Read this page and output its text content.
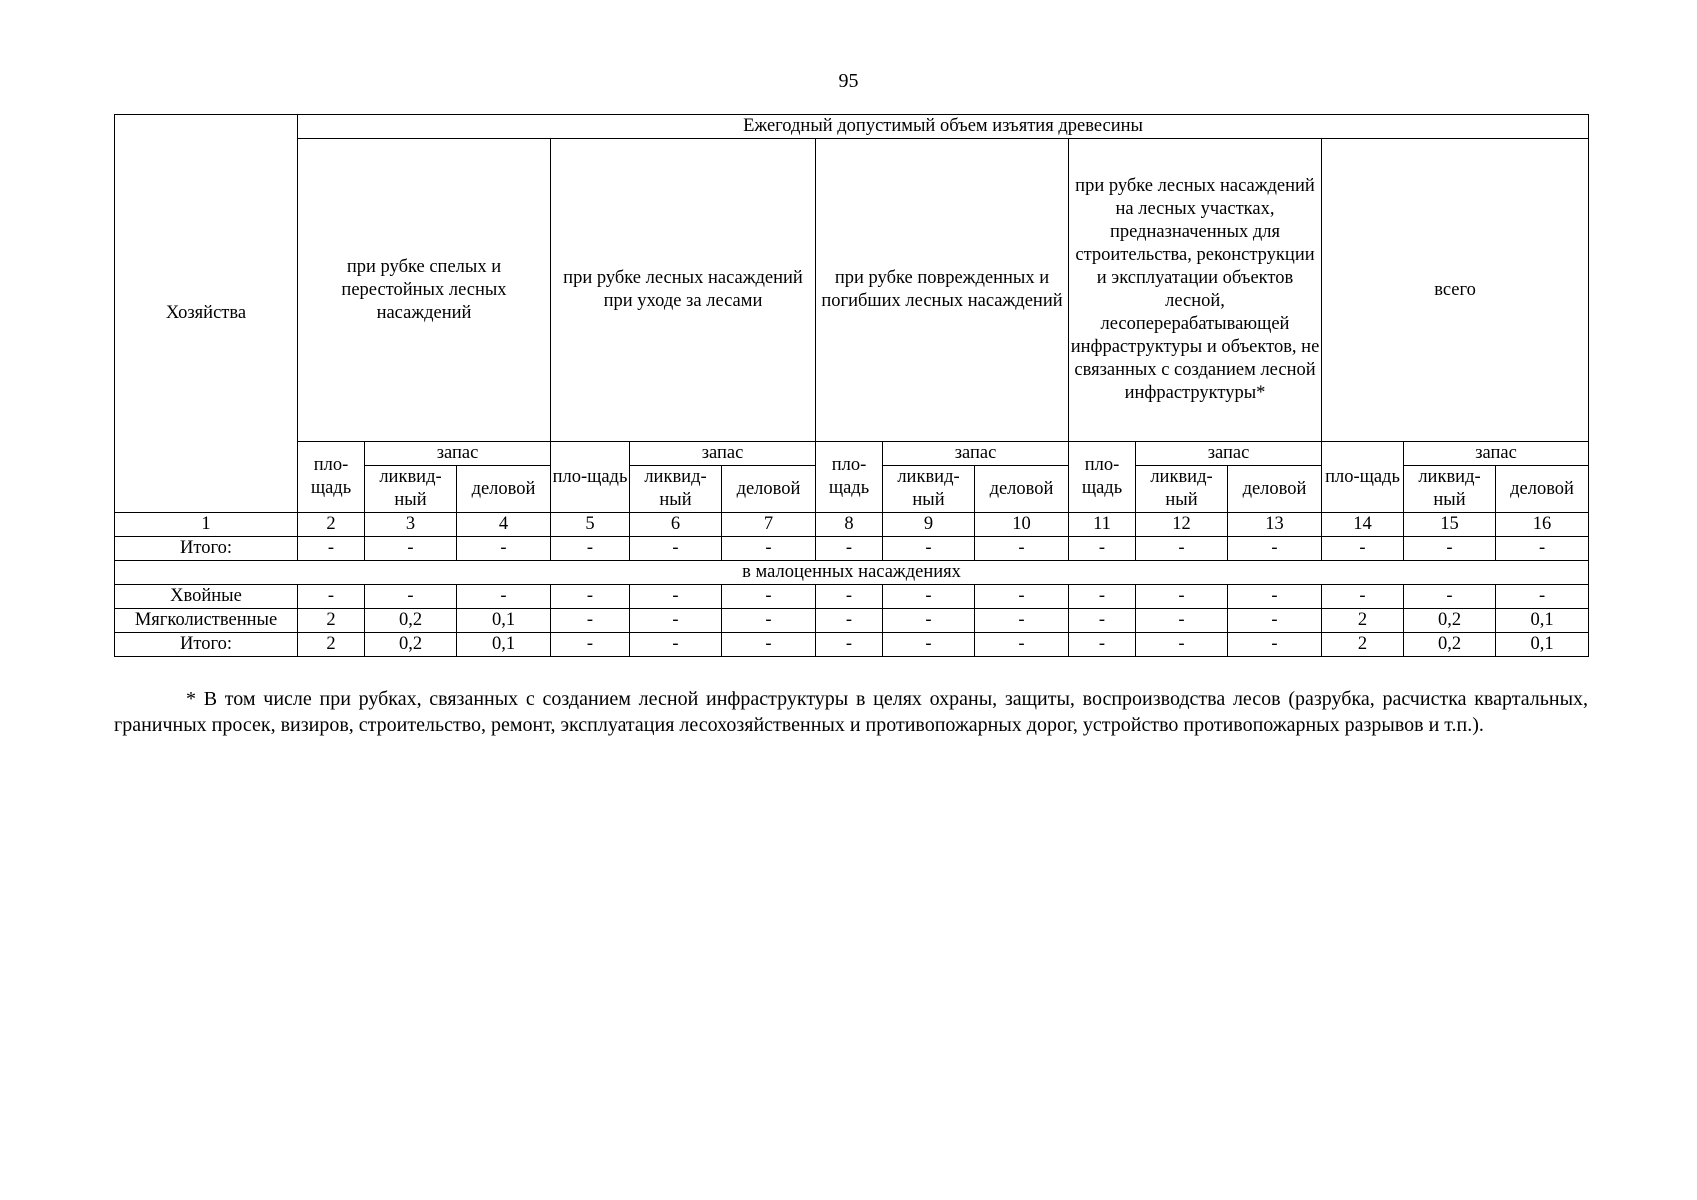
95
Хозяйства	Ежегодный допустимый объем изъятия древесины														
	при рубке спелых и перестойных лесных насаждений			при рубке лесных насаждений при уходе за лесами			при рубке поврежденных и погибших лесных насаждений			при рубке лесных насаждений на лесных участках, предназначенных для строительства, реконструкции и эксплуатации объектов лесной, лесоперерабатывающей инфраструктуры и объектов, не связанных с созданием лесной инфраструктуры*			всего		
	пло-щадь	запас		пло-щадь	запас		пло-щадь	запас		пло-щадь	запас		пло-щадь	запас	
		ликвид-ный	деловой		ликвид-ный	деловой		ликвид-ный	деловой		ликвид-ный	деловой		ликвид-ный	деловой
1	2	3	4	5	6	7	8	9	10	11	12	13	14	15	16
Итого:	-	-	-	-	-	-	-	-	-	-	-	-	-	-	-
в малоценных насаждениях															
Хвойные	-	-	-	-	-	-	-	-	-	-	-	-	-	-	-
Мягколиственные	2	0,2	0,1	-	-	-	-	-	-	-	-	-	2	0,2	0,1
Итого:	2	0,2	0,1	-	-	-	-	-	-	-	-	-	2	0,2	0,1
* В том числе при рубках, связанных с созданием лесной инфраструктуры в целях охраны, защиты, воспроизводства лесов (разрубка, расчистка квартальных, граничных просек, визиров, строительство, ремонт, эксплуатация лесохозяйственных и противопожарных дорог, устройство противопожарных разрывов и т.п.).
